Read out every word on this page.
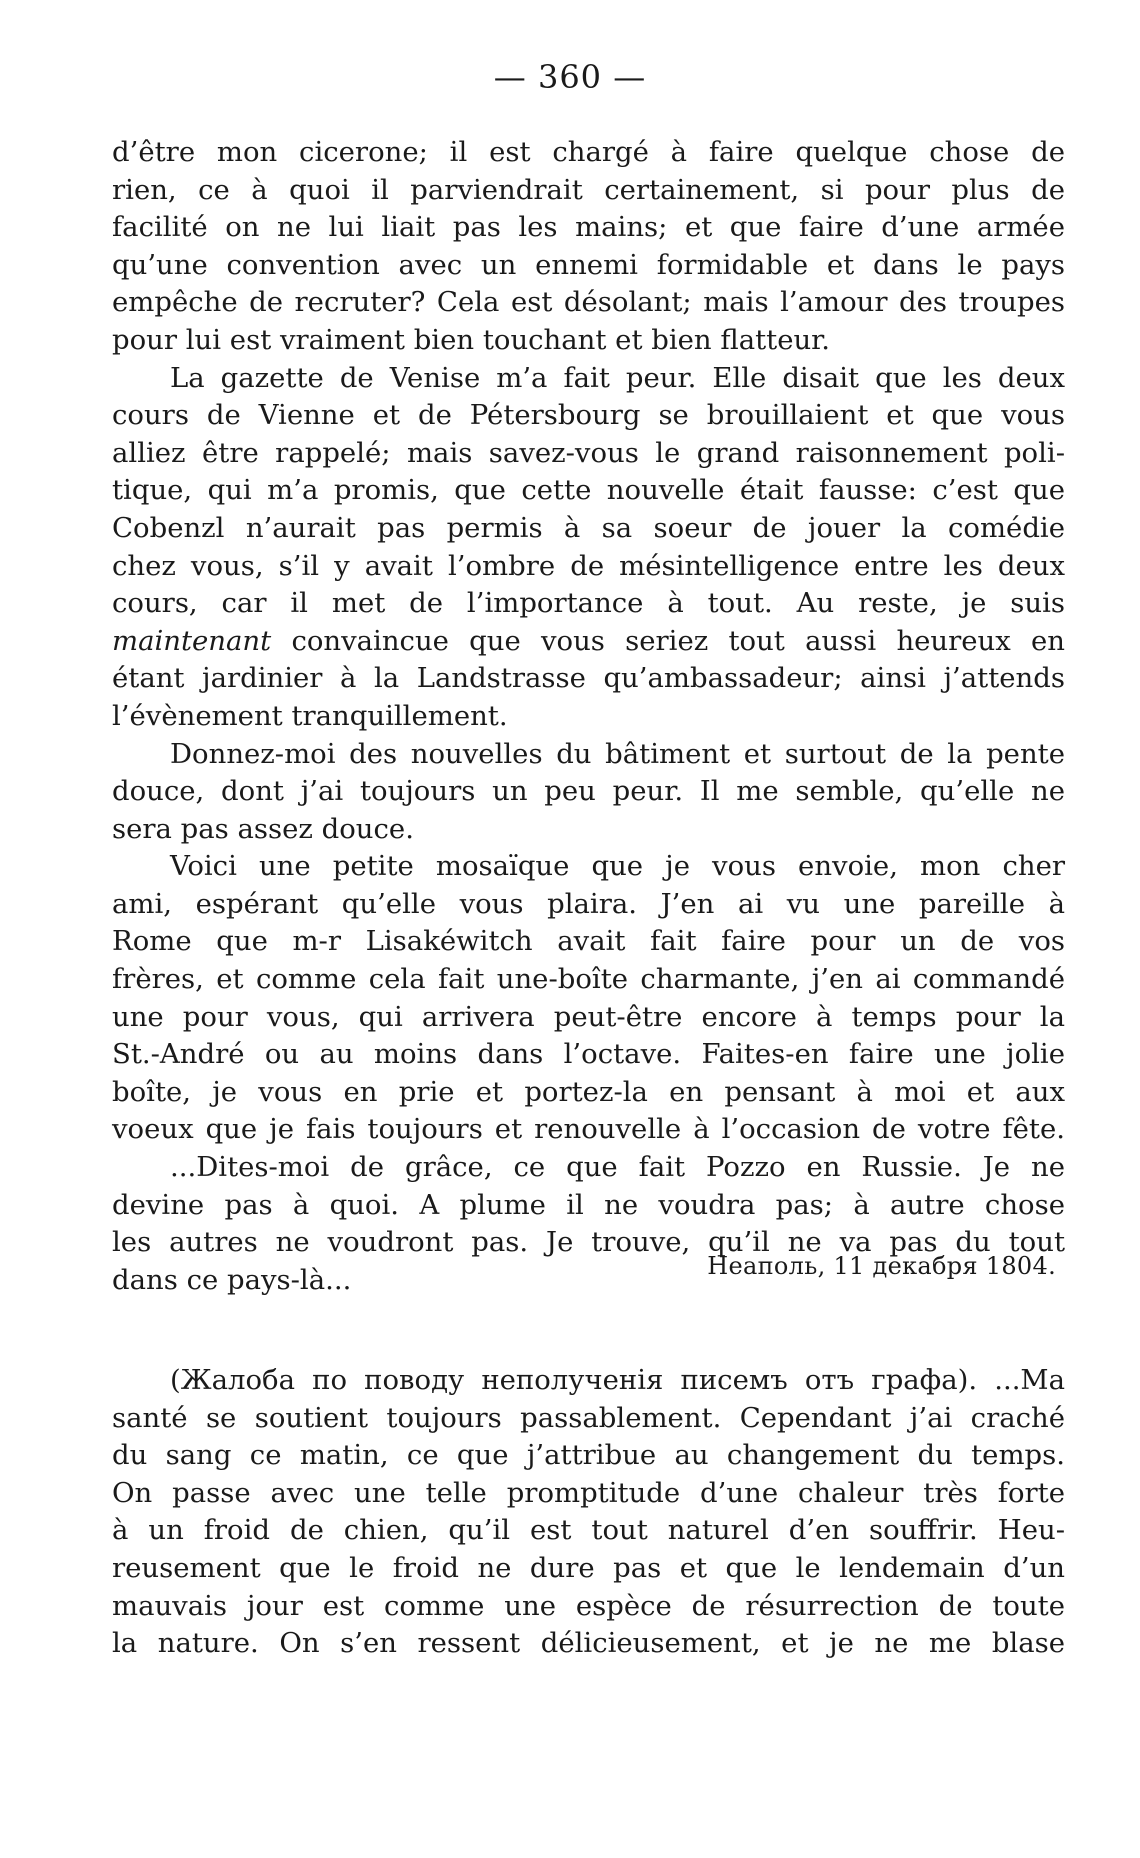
— 360 —
d’être mon cicerone; il est chargé à faire quelque chose de
rien, ce à quoi il parviendrait certainement, si pour plus de
facilité on ne lui liait pas les mains; et que faire d’une armée
qu’une convention avec un ennemi formidable et dans le pays
empêche de recruter? Cela est désolant; mais l’amour des troupes
pour lui est vraiment bien touchant et bien flatteur.
La gazette de Venise m’a fait peur. Elle disait que les deux
cours de Vienne et de Pétersbourg se brouillaient et que vous
alliez être rappelé; mais savez-vous le grand raisonnement poli-
tique, qui m’a promis, que cette nouvelle était fausse: c’est que
Cobenzl n’aurait pas permis à sa soeur de jouer la comédie
chez vous, s’il y avait l’ombre de mésintelligence entre les deux
cours, car il met de l’importance à tout. Au reste, je suis
maintenant convaincue que vous seriez tout aussi heureux en
étant jardinier à la Landstrasse qu’ambassadeur; ainsi j’attends
l’évènement tranquillement.
Donnez-moi des nouvelles du bâtiment et surtout de la pente
douce, dont j’ai toujours un peu peur. Il me semble, qu’elle ne
sera pas assez douce.
Voici une petite mosaïque que je vous envoie, mon cher
ami, espérant qu’elle vous plaira. J’en ai vu une pareille à
Rome que m-r Lisakéwitch avait fait faire pour un de vos
frères, et comme cela fait une-boîte charmante, j’en ai commandé
une pour vous, qui arrivera peut-être encore à temps pour la
St.-André ou au moins dans l’octave. Faites-en faire une jolie
boîte, je vous en prie et portez-la en pensant à moi et aux
voeux que je fais toujours et renouvelle à l’occasion de votre fête.
...Dites-moi de grâce, ce que fait Pozzo en Russie. Je ne
devine pas à quoi. A plume il ne voudra pas; à autre chose
les autres ne voudront pas. Je trouve, qu’il ne va pas du tout
dans ce pays-là...	Неаполь, 11 декабря 1804.
(Жалоба по поводу неполученія писемъ отъ графа). ...Ma
santé se soutient toujours passablement. Cependant j’ai craché
du sang ce matin, ce que j’attribue au changement du temps.
On passe avec une telle promptitude d’une chaleur très forte
à un froid de chien, qu’il est tout naturel d’en souffrir. Heu-
reusement que le froid ne dure pas et que le lendemain d’un
mauvais jour est comme une espèce de résurrection de toute
la nature. On s’en ressent délicieusement, et je ne me blase
